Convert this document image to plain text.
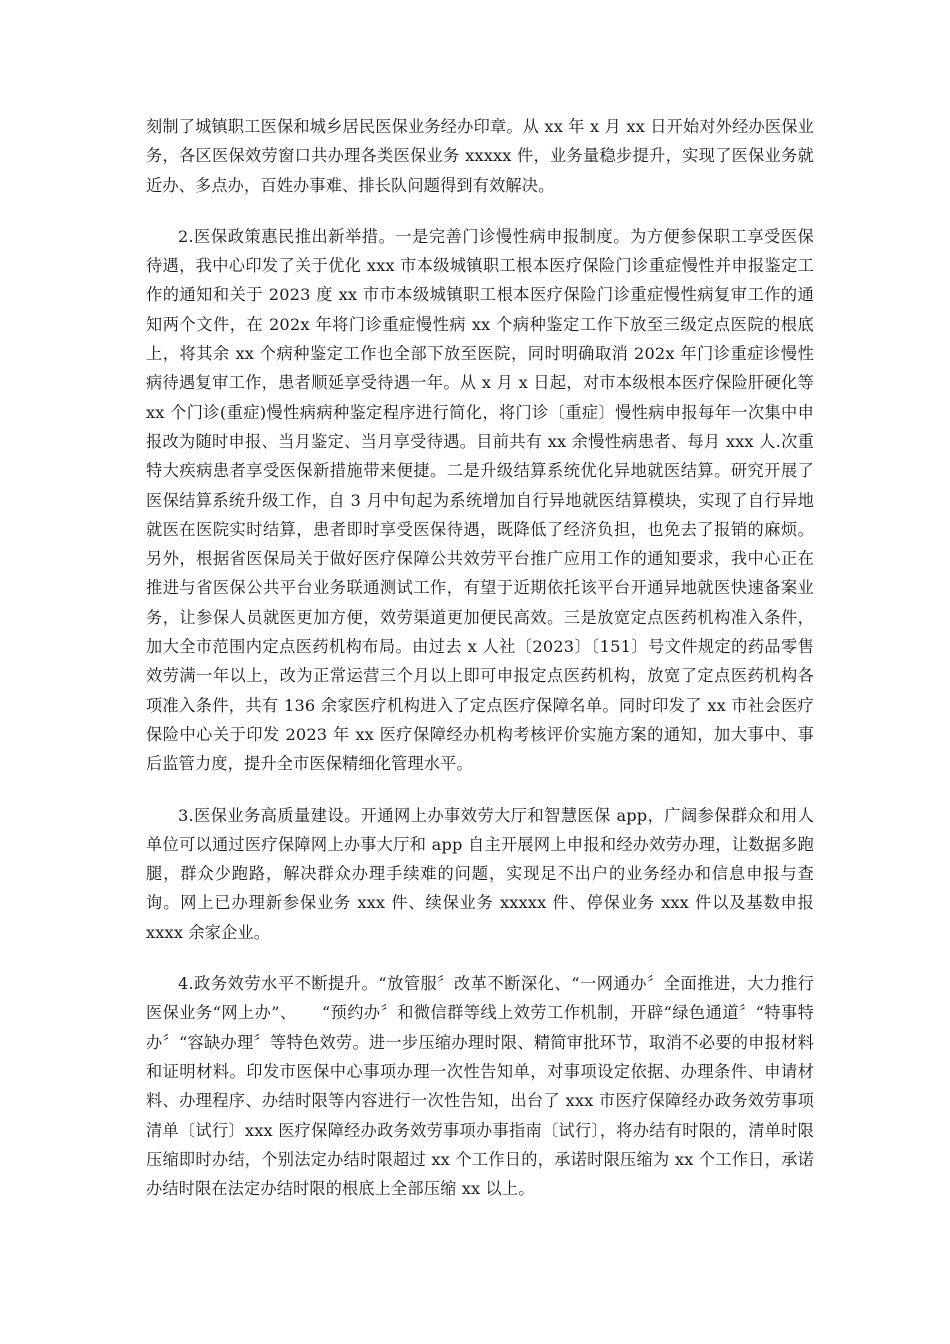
刻制了城镇职工医保和城乡居民医保业务经办印章。从 xx 年 x 月 xx 日开始对外经办医保业务，各区医保效劳窗口共办理各类医保业务 xxxxx 件，业务量稳步提升，实现了医保业务就近办、多点办，百姓办事难、排长队问题得到有效解决。

2.医保政策惠民推出新举措。一是完善门诊慢性病申报制度。为方便参保职工享受医保待遇，我中心印发了关于优化 xxx 市本级城镇职工根本医疗保险门诊重症慢性并申报鉴定工作的通知和关于 2023 度 xx 市市本级城镇职工根本医疗保险门诊重症慢性病复审工作的通知两个文件，在 202x 年将门诊重症慢性病 xx 个病种鉴定工作下放至三级定点医院的根底上，将其余 xx 个病种鉴定工作也全部下放至医院，同时明确取消 202x 年门诊重症诊慢性病待遇复审工作，患者顺延享受待遇一年。从 x 月 x 日起，对市本级根本医疗保险肝硬化等 xx 个门诊(重症)慢性病病种鉴定程序进行简化，将门诊〔重症〕慢性病申报每年一次集中申报改为随时申报、当月鉴定、当月享受待遇。目前共有 xx 余慢性病患者、每月 xxx 人.次重特大疾病患者享受医保新措施带来便捷。二是升级结算系统优化异地就医结算。研究开展了医保结算系统升级工作，自 3 月中旬起为系统增加自行异地就医结算模块，实现了自行异地就医在医院实时结算，患者即时享受医保待遇，既降低了经济负担，也免去了报销的麻烦。另外，根据省医保局关于做好医疗保障公共效劳平台推广应用工作的通知要求，我中心正在推进与省医保公共平台业务联通测试工作，有望于近期依托该平台开通异地就医快速备案业务，让参保人员就医更加方便，效劳渠道更加便民高效。三是放宽定点医药机构准入条件，加大全市范围内定点医药机构布局。由过去 x 人社〔2023〕〔151〕号文件规定的药品零售效劳满一年以上，改为正常运营三个月以上即可申报定点医药机构，放宽了定点医药机构各项准入条件，共有 136 余家医疗机构进入了定点医疗保障名单。同时印发了 xx 市社会医疗保险中心关于印发 2023 年 xx 医疗保障经办机构考核评价实施方案的通知，加大事中、事后监管力度，提升全市医保精细化管理水平。

3.医保业务高质量建设。开通网上办事效劳大厅和智慧医保 app，广阔参保群众和用人单位可以通过医疗保障网上办事大厅和 app 自主开展网上申报和经办效劳办理，让数据多跑腿，群众少跑路，解决群众办理手续难的问题，实现足不出户的业务经办和信息申报与查询。网上已办理新参保业务 xxx 件、续保业务 xxxxx 件、停保业务 xxx 件以及基数申报 xxxx 余家企业。

4.政务效劳水平不断提升。“放管服〞改革不断深化、“一网通办〞全面推进，大力推行医保业务“网上办”、　　“预约办〞和微信群等线上效劳工作机制，开辟“绿色通道〞“特事特办〞“容缺办理〞等特色效劳。进一步压缩办理时限、精简审批环节，取消不必要的申报材料和证明材料。印发市医保中心事项办理一次性告知单，对事项设定依据、办理条件、申请材料、办理程序、办结时限等内容进行一次性告知，出台了 xxx 市医疗保障经办政务效劳事项清单〔试行〕xxx 医疗保障经办政务效劳事项办事指南〔试行〕，将办结有时限的，清单时限压缩即时办结，个别法定办结时限超过 xx 个工作日的，承诺时限压缩为 xx 个工作日，承诺办结时限在法定办结时限的根底上全部压缩 xx 以上。
